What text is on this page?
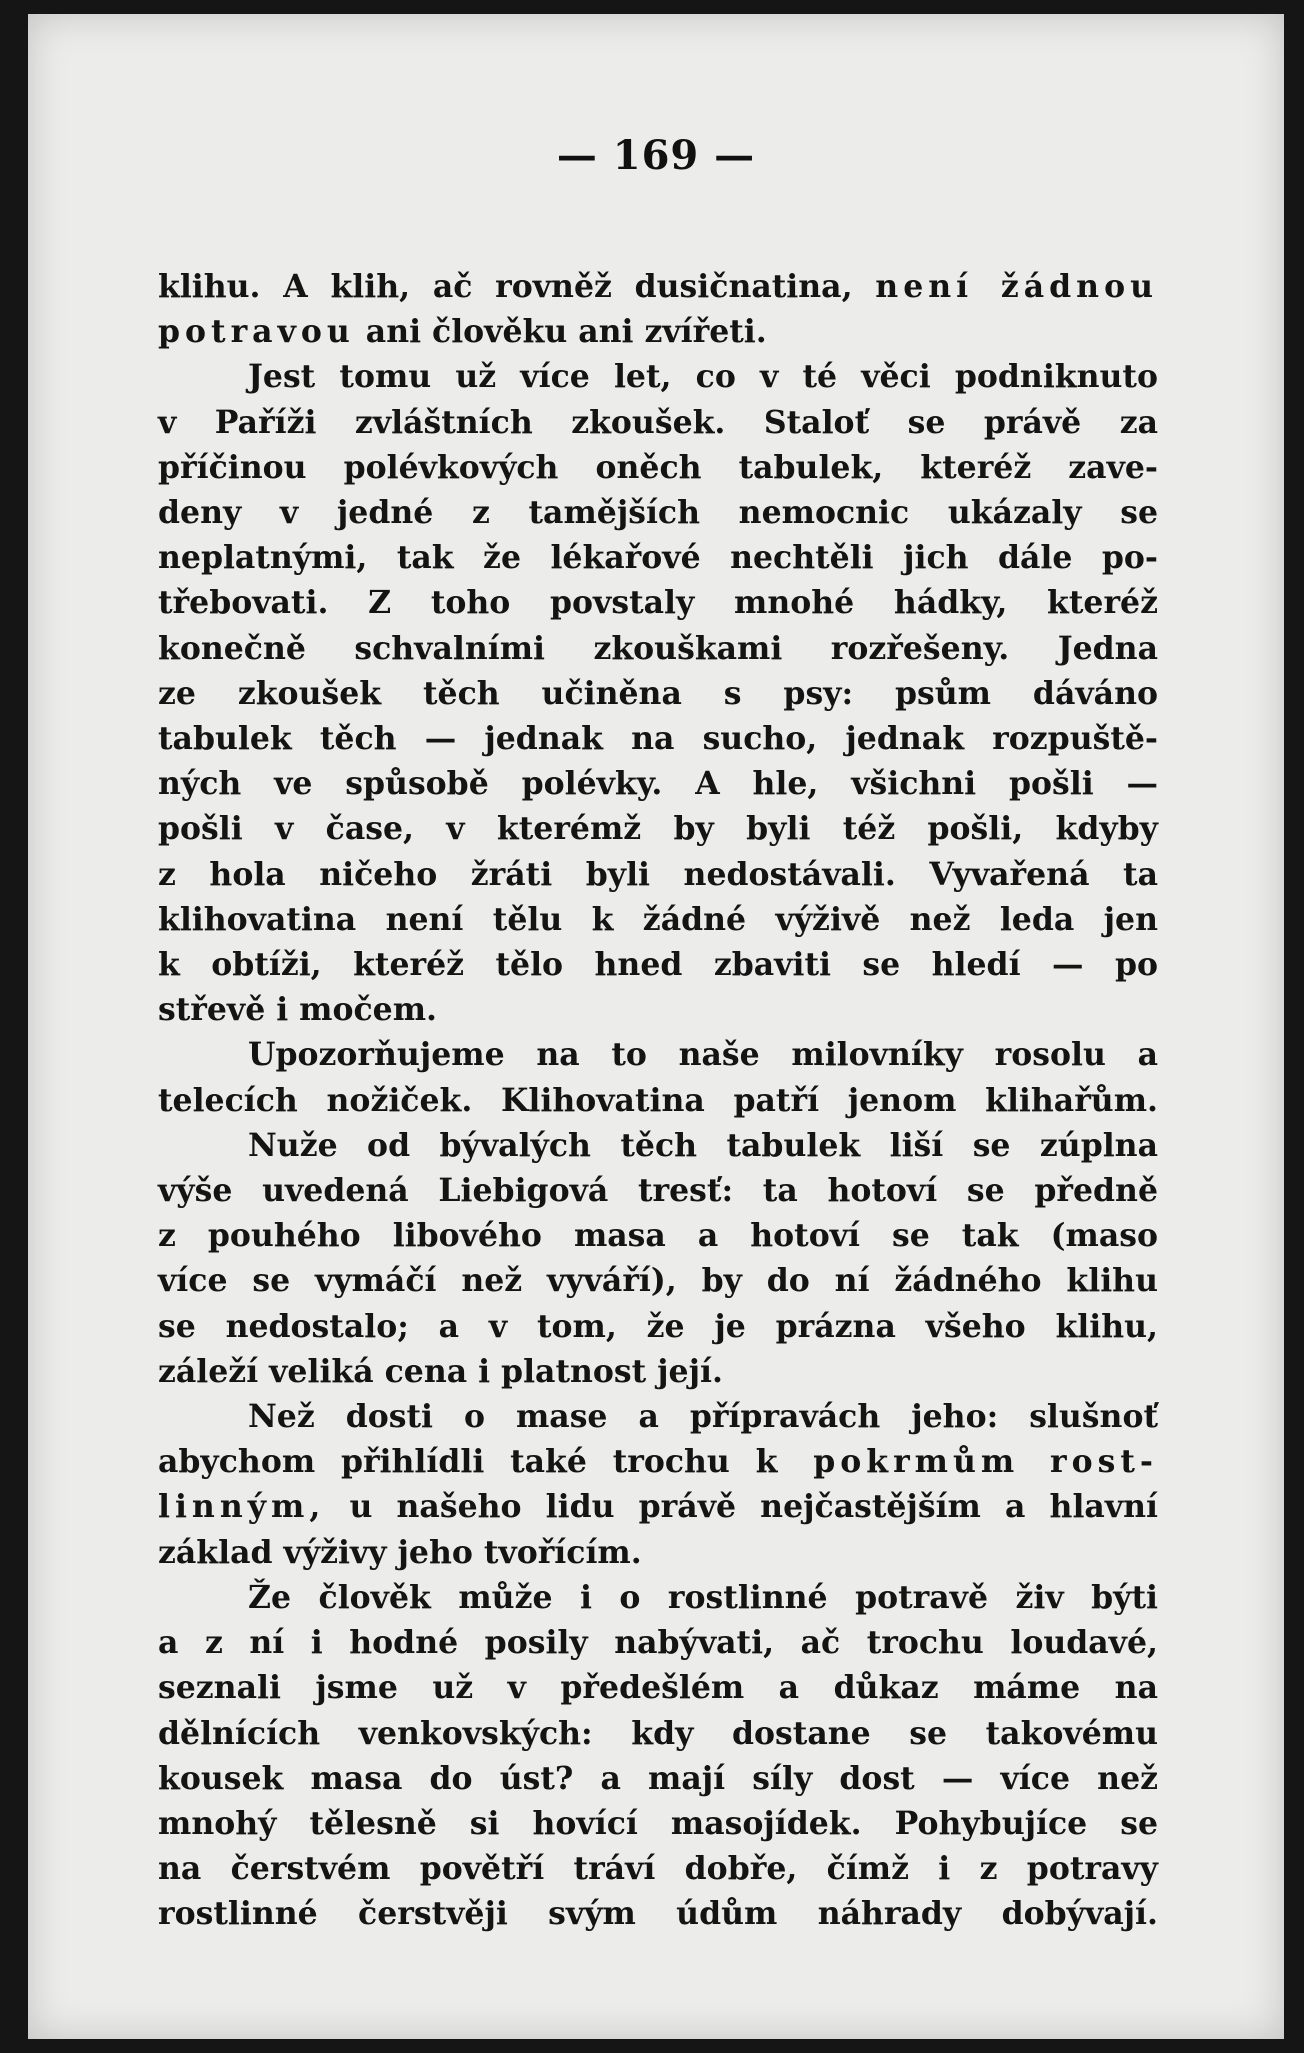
— 169 —
klihu. A klih, ač rovněž dusičnatina, není žádnou
potravou ani člověku ani zvířeti.
Jest tomu už více let, co v té věci podniknuto
v Paříži zvláštních zkoušek. Staloť se právě za
příčinou polévkových oněch tabulek, kteréž zave-
deny v jedné z tamějších nemocnic ukázaly se
neplatnými, tak že lékařové nechtěli jich dále po-
třebovati. Z toho povstaly mnohé hádky, kteréž
konečně schvalními zkouškami rozřešeny. Jedna
ze zkoušek těch učiněna s psy: psům dáváno
tabulek těch — jednak na sucho, jednak rozpuště-
ných ve spůsobě polévky. A hle, všichni pošli —
pošli v čase, v kterémž by byli též pošli, kdyby
z hola ničeho žráti byli nedostávali. Vyvařená ta
klihovatina není tělu k žádné výživě než leda jen
k obtíži, kteréž tělo hned zbaviti se hledí — po
střevě i močem.
Upozorňujeme na to naše milovníky rosolu a
telecích nožiček. Klihovatina patří jenom klihařům.
Nuže od bývalých těch tabulek liší se zúplna
výše uvedená Liebigová tresť: ta hotoví se předně
z pouhého libového masa a hotoví se tak (maso
více se vymáčí než vyváří), by do ní žádného klihu
se nedostalo; a v tom, že je prázna všeho klihu,
záleží veliká cena i platnost její.
Než dosti o mase a přípravách jeho: slušnoť
abychom přihlídli také trochu k pokrmům rost-
linným, u našeho lidu právě nejčastějším a hlavní
základ výživy jeho tvořícím.
Že člověk může i o rostlinné potravě živ býti
a z ní i hodné posily nabývati, ač trochu loudavé,
seznali jsme už v předešlém a důkaz máme na
dělnících venkovských: kdy dostane se takovému
kousek masa do úst? a mají síly dost — více než
mnohý tělesně si hovící masojídek. Pohybujíce se
na čerstvém povětří tráví dobře, čímž i z potravy
rostlinné čerstvěji svým údům náhrady dobývají.
